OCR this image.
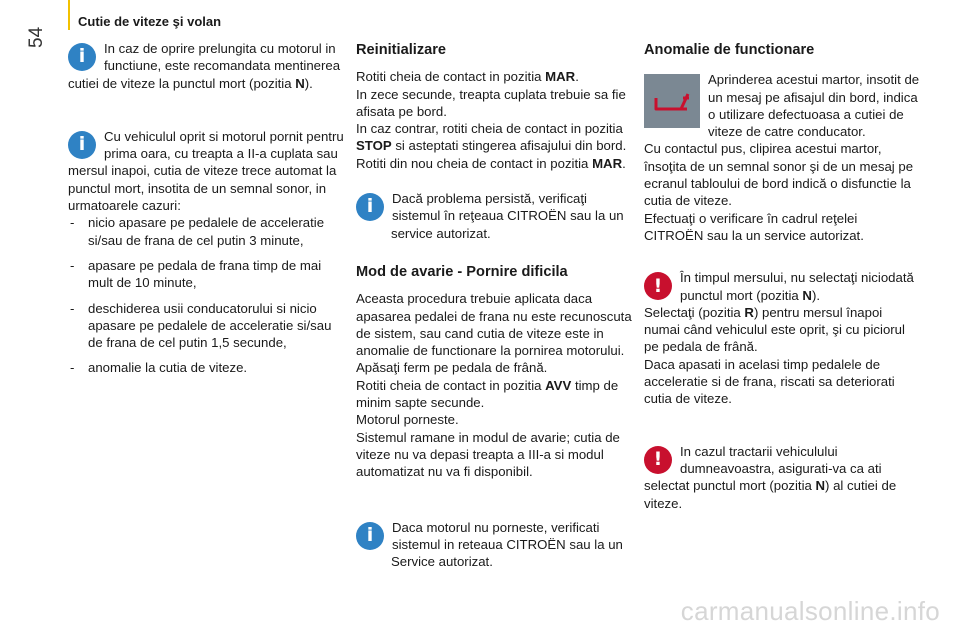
Cutie de viteze şi volan
54
i	In caz de oprire prelungita cu motorul in functiune, este recomandata mentinerea cutiei de viteze la punctul mort (pozitia N).

i	Cu vehiculul oprit si motorul pornit pentru prima oara, cu treapta a II-a cuplata sau mersul inapoi, cutia de viteze trece automat la punctul mort, insotita de un semnal sonor, in urmatoarele cazuri:

- nicio apasare pe pedalele de acceleratie si/sau de frana de cel putin 3 minute,
- apasare pe pedala de frana timp de mai mult de 10 minute,
- deschiderea usii conducatorului si nicio apasare pe pedalele de acceleratie si/sau de frana de cel putin 1,5 secunde,
- anomalie la cutia de viteze.
Reinitializare

Rotiti cheia de contact in pozitia MAR.
In zece secunde, treapta cuplata trebuie sa fie afisata pe bord.
In caz contrar, rotiti cheia de contact in pozitia STOP si asteptati stingerea afisajului din bord.
Rotiti din nou cheia de contact in pozitia MAR.

i	Dacă problema persistă, verificaţi sistemul în reţeaua CITROËN sau la un service autorizat.

Mod de avarie - Pornire dificila

Aceasta procedura trebuie aplicata daca apasarea pedalei de frana nu este recunoscuta de sistem, sau cand cutia de viteze este in anomalie de functionare la pornirea motorului.
Apăsaţi ferm pe pedala de frână.
Rotiti cheia de contact in pozitia AVV timp de minim sapte secunde.
Motorul porneste.
Sistemul ramane in modul de avarie; cutia de viteze nu va depasi treapta a III-a si modul automatizat nu va fi disponibil.

i	Daca motorul nu porneste, verificati sistemul in reteaua CITROËN sau la un Service autorizat.

Anomalie de functionare

Aprinderea acestui martor, insotit de un mesaj pe afisajul din bord, indica o utilizare defectuoasa a cutiei de viteze de catre conducator.

Cu contactul pus, clipirea acestui martor, însoţita de un semnal sonor şi de un mesaj pe ecranul tabloului de bord indică o disfunctie la cutia de viteze.

Efectuaţi o verificare în cadrul reţelei CITROËN sau la un service autorizat.

!	În timpul mersului, nu selectaţi niciodată punctul mort (pozitia N).
Selectaţi (pozitia R) pentru mersul înapoi numai când vehiculul este oprit, şi cu piciorul pe pedala de frână.
Daca apasati in acelasi timp pedalele de acceleratie si de frana, riscati sa deteriorati cutia de viteze.

!	In cazul tractarii vehiculului dumneavoastra, asigurati-va ca ati selectat punctul mort (pozitia N) al cutiei de viteze.

carmanualsonline.info
